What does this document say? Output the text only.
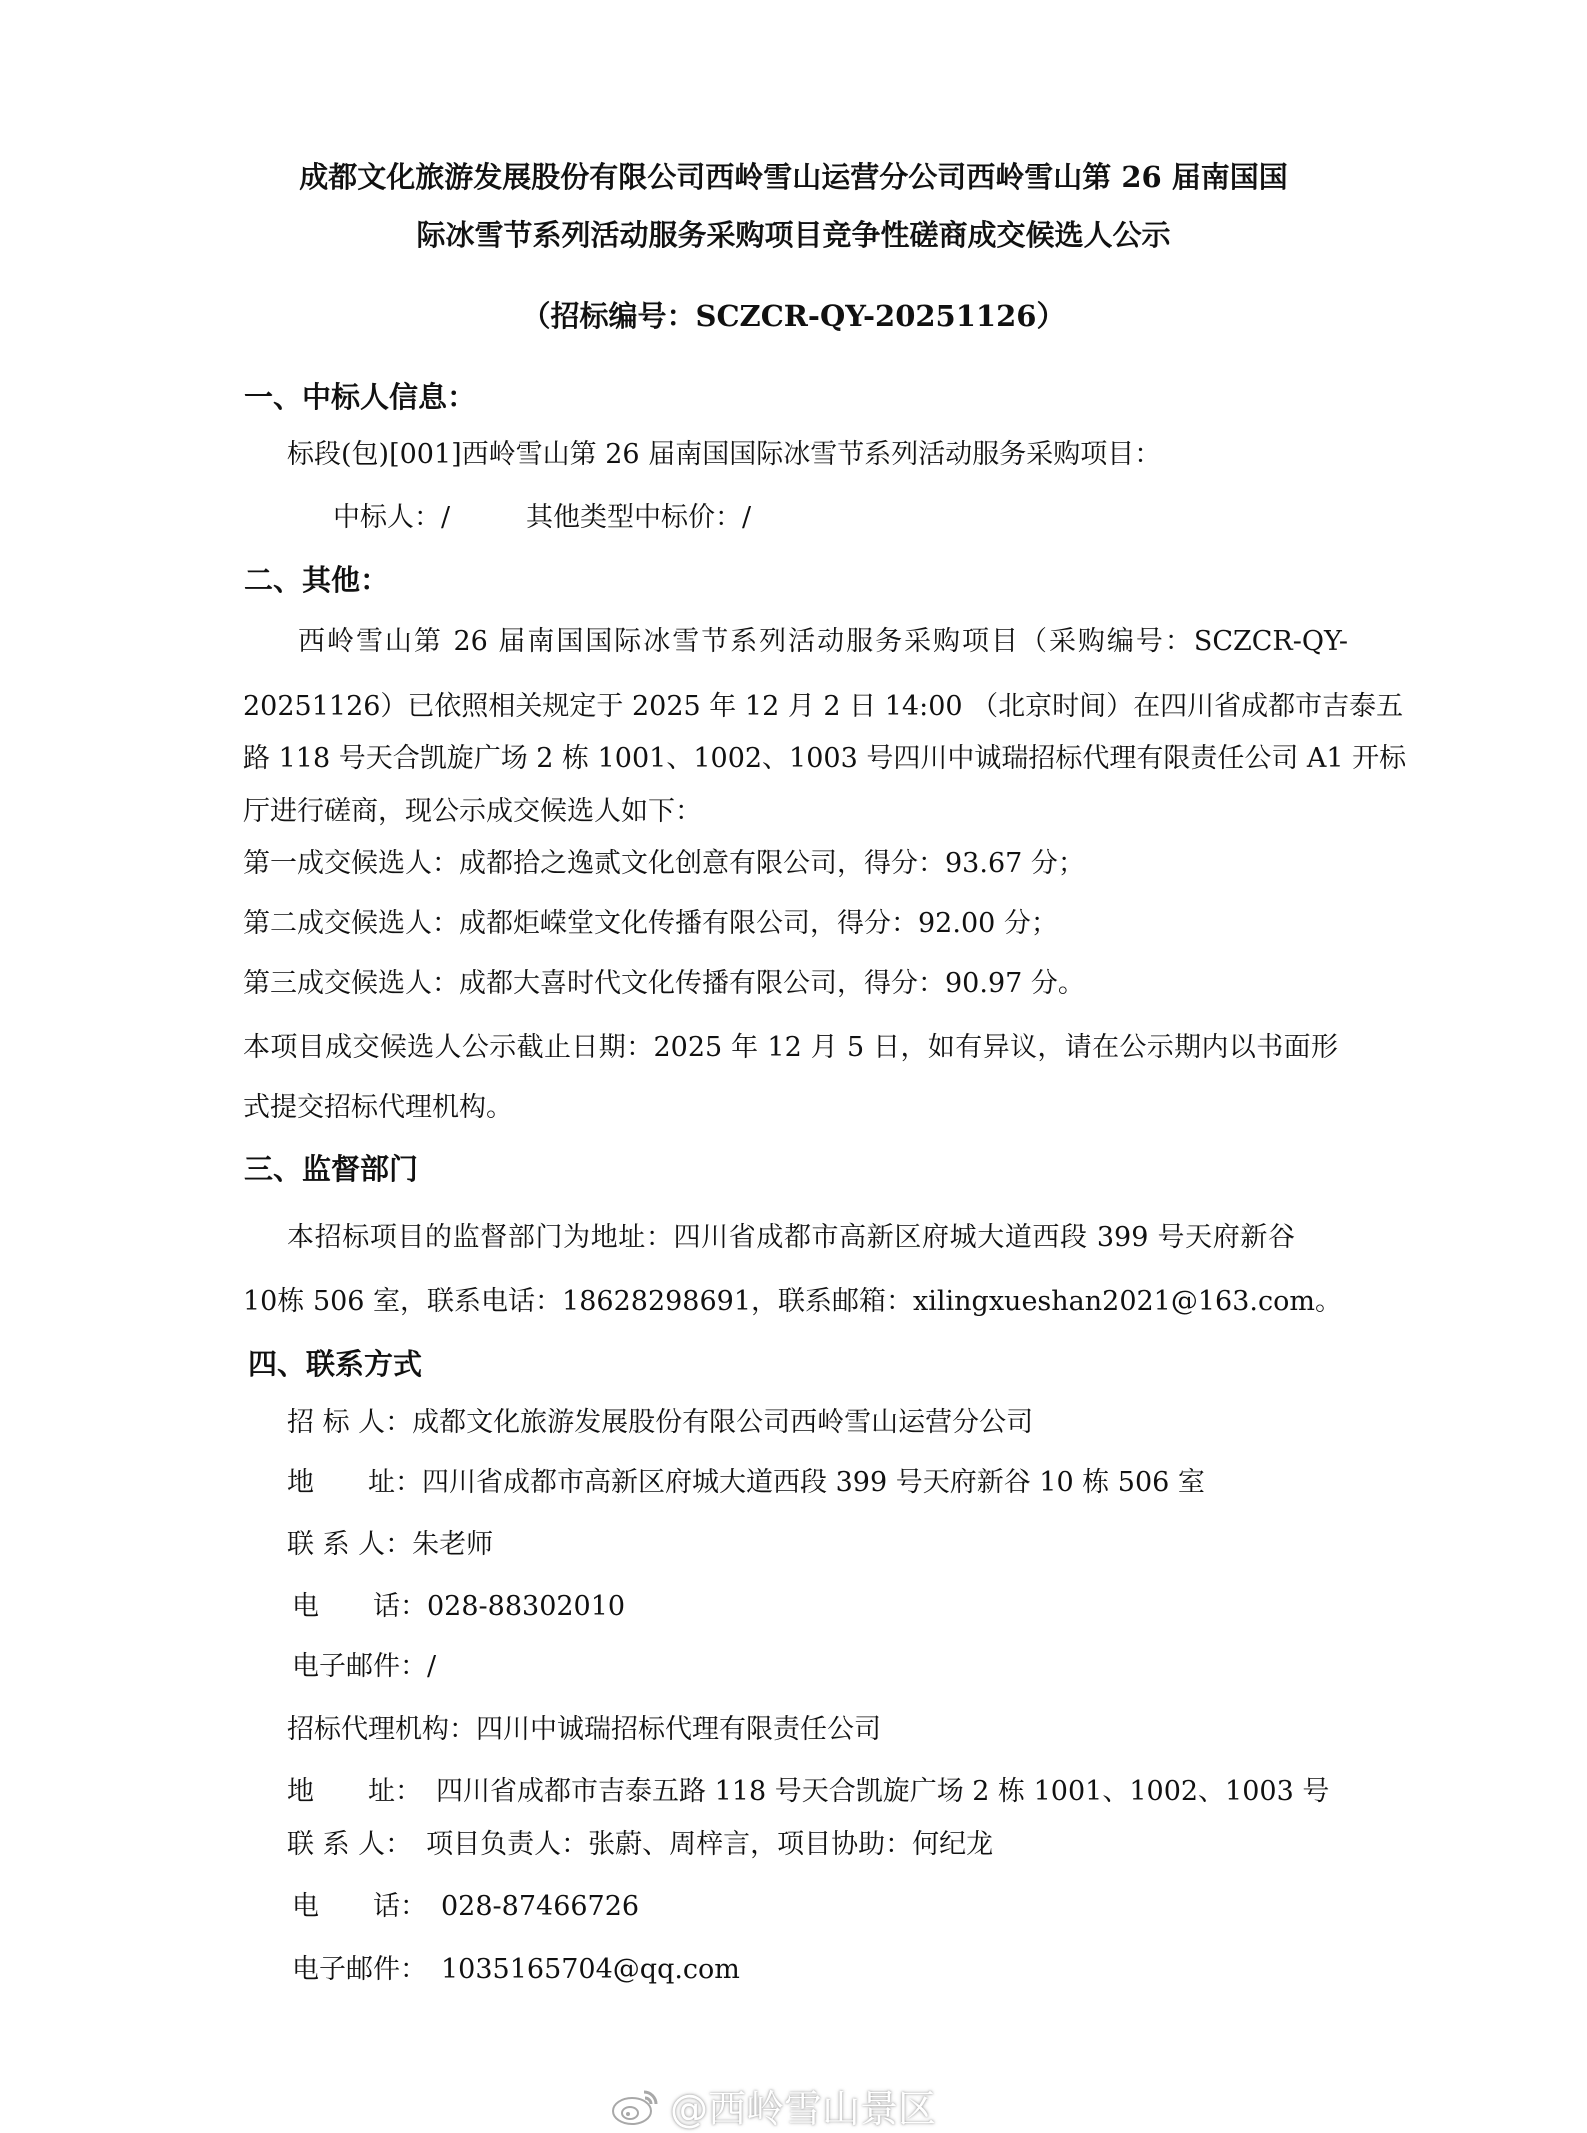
成都文化旅游发展股份有限公司西岭雪山运营分公司西岭雪山第 26 届南国国
际冰雪节系列活动服务采购项目竞争性磋商成交候选人公示
（招标编号：SCZCR-QY-20251126）
一、中标人信息：
标段(包)[001]西岭雪山第 26 届南国国际冰雪节系列活动服务采购项目：
中标人：/	其他类型中标价：/
二、其他：
西岭雪山第 26 届南国国际冰雪节系列活动服务采购项目（采购编号：SCZCR-QY-
20251126）已依照相关规定于 2025 年 12 月 2 日 14:00 （北京时间）在四川省成都市吉泰五
路 118 号天合凯旋广场 2 栋 1001、1002、1003 号四川中诚瑞招标代理有限责任公司 A1 开标
厅进行磋商，现公示成交候选人如下：
第一成交候选人：成都拾之逸贰文化创意有限公司，得分：93.67 分；
第二成交候选人：成都炬嵘堂文化传播有限公司，得分：92.00 分；
第三成交候选人：成都大喜时代文化传播有限公司，得分：90.97 分。
本项目成交候选人公示截止日期：2025 年 12 月 5 日，如有异议，请在公示期内以书面形
式提交招标代理机构。
三、监督部门
本招标项目的监督部门为地址：四川省成都市高新区府城大道西段 399 号天府新谷
10栋 506 室，联系电话：18628298691，联系邮箱：xilingxueshan2021@163.com。
四、联系方式
招 标 人：成都文化旅游发展股份有限公司西岭雪山运营分公司
地　　址：四川省成都市高新区府城大道西段 399 号天府新谷 10 栋 506 室
联 系 人：朱老师
电　　话：028-88302010
电子邮件：/
招标代理机构：四川中诚瑞招标代理有限责任公司
地　　址： 四川省成都市吉泰五路 118 号天合凯旋广场 2 栋 1001、1002、1003 号
联 系 人： 项目负责人：张蔚、周梓言，项目协助：何纪龙
电　　话： 028-87466726
电子邮件： 1035165704@qq.com
@西岭雪山景区
